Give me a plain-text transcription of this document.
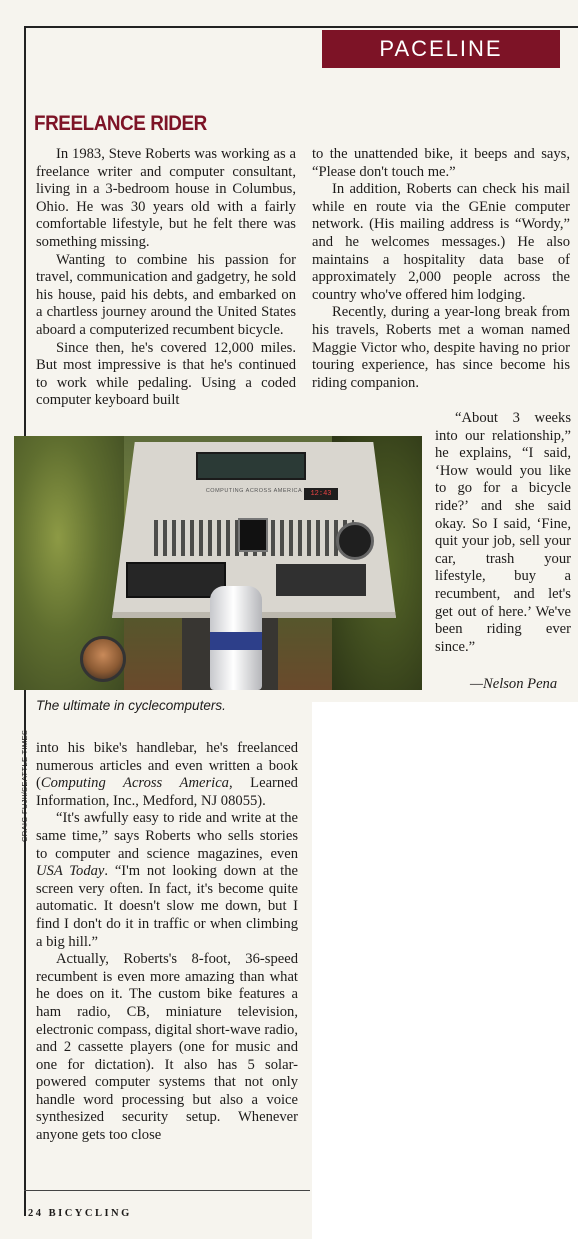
PACELINE
FREELANCE RIDER

In 1983, Steve Roberts was working as a freelance writer and computer consultant, living in a 3-bedroom house in Columbus, Ohio. He was 30 years old with a fairly comfortable lifestyle, but he felt there was something missing.

Wanting to combine his passion for travel, communication and gadgetry, he sold his house, paid his debts, and embarked on a chartless journey around the United States aboard a computerized recumbent bicycle.

Since then, he's covered 12,000 miles. But most impressive is that he's continued to work while pedaling. Using a coded computer keyboard built

to the unattended bike, it beeps and says, “Please don't touch me.”

In addition, Roberts can check his mail while en route via the GEnie computer network. (His mailing address is “Wordy,” and he welcomes messages.) He also maintains a hospitality data base of approximately 2,000 people across the country who've offered him lodging.

Recently, during a year-long break from his travels, Roberts met a woman named Maggie Victor who, despite having no prior touring experience, has since become his riding companion.

“About 3 weeks into our relationship,” he explains, “I said, ‘How would you like to go for a bicycle ride?’ and she said okay. So I said, ‘Fine, quit your job, sell your car, trash your lifestyle, buy a recumbent, and let's get out of here.’ We've been riding ever since.”

—Nelson Pena
COMPUTING ACROSS AMERICA	12:43
The ultimate in cyclecomputers.
CRAIG FUJII/SEATTLE TIMES into his bike's handlebar, he's freelanced numerous articles and even written a book (Computing Across America, Learned Information, Inc., Medford, NJ 08055).

“It's awfully easy to ride and write at the same time,” says Roberts who sells stories to computer and science magazines, even USA Today. “I'm not looking down at the screen very often. In fact, it's become quite automatic. It doesn't slow me down, but I find I don't do it in traffic or when climbing a big hill.”

Actually, Roberts's 8-foot, 36-speed recumbent is even more amazing than what he does on it. The custom bike features a ham radio, CB, miniature television, electronic compass, digital short-wave radio, and 2 cassette players (one for music and one for dictation). It also has 5 solar-powered computer systems that not only handle word processing but also a voice synthesized security setup. Whenever anyone gets too close

24 BICYCLING
